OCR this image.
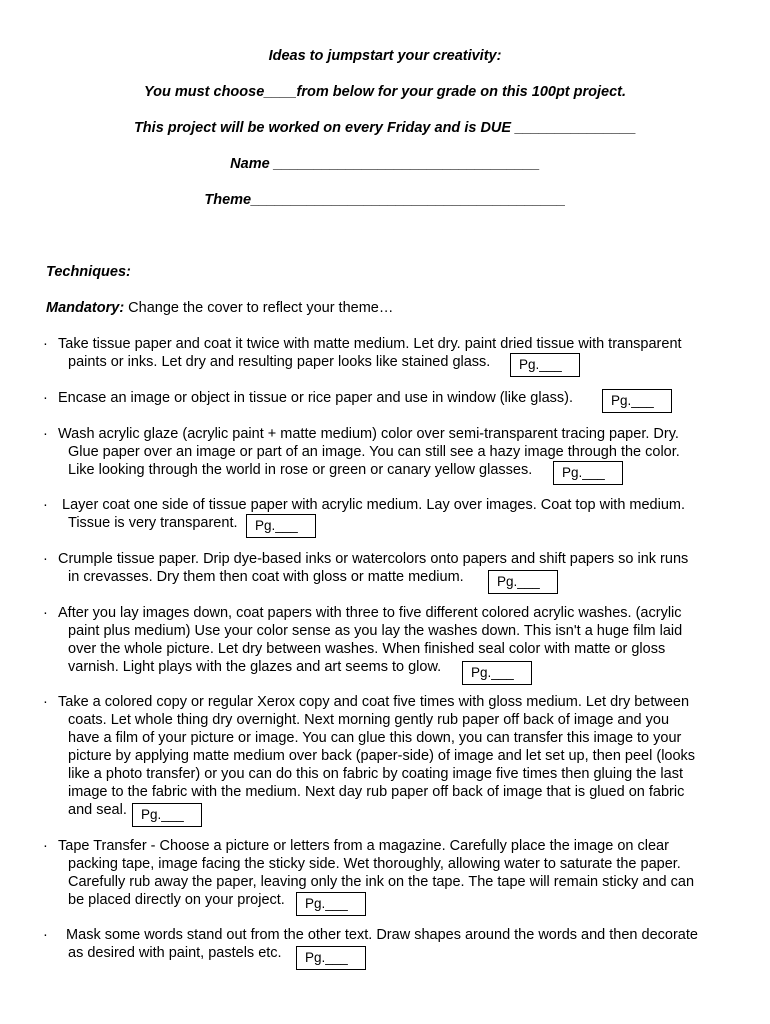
Ideas to jumpstart your creativity:
You must choose____from below for your grade on this 100pt project.
This project will be worked on every Friday and is DUE _______________
Name _________________________________
Theme_______________________________________
Techniques:
Mandatory: Change the cover to reflect your theme…
· Take tissue paper and coat it twice with matte medium. Let dry. paint dried tissue with transparent
paints or inks. Let dry and resulting paper looks like stained glass.	Pg.___
· Encase an image or object in tissue or rice paper and use in window (like glass).	Pg.___
· Wash acrylic glaze (acrylic paint + matte medium) color over semi-transparent tracing paper. Dry.
Glue paper over an image or part of an image. You can still see a hazy image through the color.
Like looking through the world in rose or green or canary yellow glasses.	Pg.___
· Layer coat one side of tissue paper with acrylic medium. Lay over images. Coat top with medium.
Tissue is very transparent.	Pg.___
· Crumple tissue paper. Drip dye-based inks or watercolors onto papers and shift papers so ink runs
in crevasses. Dry them then coat with gloss or matte medium.	Pg.___
· After you lay images down, coat papers with three to five different colored acrylic washes. (acrylic
paint plus medium) Use your color sense as you lay the washes down. This isn't a huge film laid
over the whole picture. Let dry between washes. When finished seal color with matte or gloss
varnish. Light plays with the glazes and art seems to glow.	Pg.___
· Take a colored copy or regular Xerox copy and coat five times with gloss medium. Let dry between
coats. Let whole thing dry overnight. Next morning gently rub paper off back of image and you
have a film of your picture or image. You can glue this down, you can transfer this image to your
picture by applying matte medium over back (paper-side) of image and let set up, then peel (looks
like a photo transfer) or you can do this on fabric by coating image five times then gluing the last
image to the fabric with the medium. Next day rub paper off back of image that is glued on fabric
and seal.	Pg.___
· Tape Transfer - Choose a picture or letters from a magazine. Carefully place the image on clear
packing tape, image facing the sticky side. Wet thoroughly, allowing water to saturate the paper.
Carefully rub away the paper, leaving only the ink on the tape. The tape will remain sticky and can
be placed directly on your project.	Pg.___
· Mask some words stand out from the other text. Draw shapes around the words and then decorate
as desired with paint, pastels etc.	Pg.___
